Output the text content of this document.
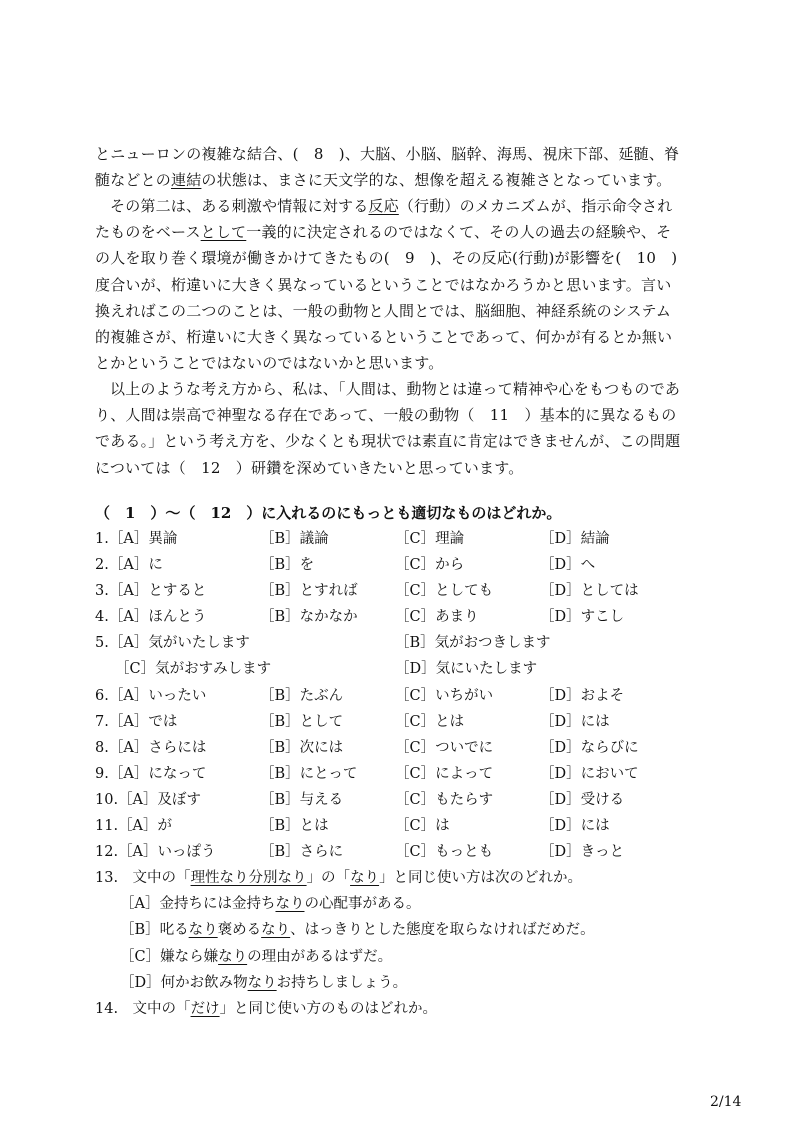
とニューロンの複雑な結合、(　8　)、大脳、小脳、脳幹、海馬、視床下部、延髄、脊
髄などとの連結の状態は、まさに天文学的な、想像を超える複雑さとなっています。

その第二は、ある刺激や情報に対する反応（行動）のメカニズムが、指示命令され
たものをベースとして一義的に決定されるのではなくて、その人の過去の経験や、そ
の人を取り巻く環境が働きかけてきたもの(　9　)、その反応(行動)が影響を(　10　)
度合いが、桁違いに大きく異なっているということではなかろうかと思います。言い
換えればこの二つのことは、一般の動物と人間とでは、脳細胞、神経系統のシステム
的複雑さが、桁違いに大きく異なっているということであって、何かが有るとか無い
とかということではないのではないかと思います。

以上のような考え方から、私は、「人間は、動物とは違って精神や心をもつものであ
り、人間は崇高で神聖なる存在であって、一般の動物（　11　）基本的に異なるもの
である。」という考え方を、少なくとも現状では素直に肯定はできませんが、この問題
については（　12　）研鑽を深めていきたいと思っています。

（　1　）～（　12　）に入れるのにもっとも適切なものはどれか。
1.［A］異論	［B］議論	［C］理論	［D］結論
2.［A］に	［B］を	［C］から	［D］へ
3.［A］とすると	［B］とすれば	［C］としても	［D］としては
4.［A］ほんとう	［B］なかなか	［C］あまり	［D］すこし
5.［A］気がいたします	［B］気がおつきします
［C］気がおすみします	［D］気にいたします
6.［A］いったい	［B］たぶん	［C］いちがい	［D］およそ
7.［A］では	［B］として	［C］とは	［D］には
8.［A］さらには	［B］次には	［C］ついでに	［D］ならびに
9.［A］になって	［B］にとって	［C］によって	［D］において
10.［A］及ぼす	［B］与える	［C］もたらす	［D］受ける
11.［A］が	［B］とは	［C］は	［D］には
12.［A］いっぽう	［B］さらに	［C］もっとも	［D］きっと
13.　文中の「理性なり分別なり」の「なり」と同じ使い方は次のどれか。
［A］金持ちには金持ちなりの心配事がある。
［B］叱るなり褒めるなり、はっきりとした態度を取らなければだめだ。
［C］嫌なら嫌なりの理由があるはずだ。
［D］何かお飲み物なりお持ちしましょう。
14.　文中の「だけ」と同じ使い方のものはどれか。
2/14
